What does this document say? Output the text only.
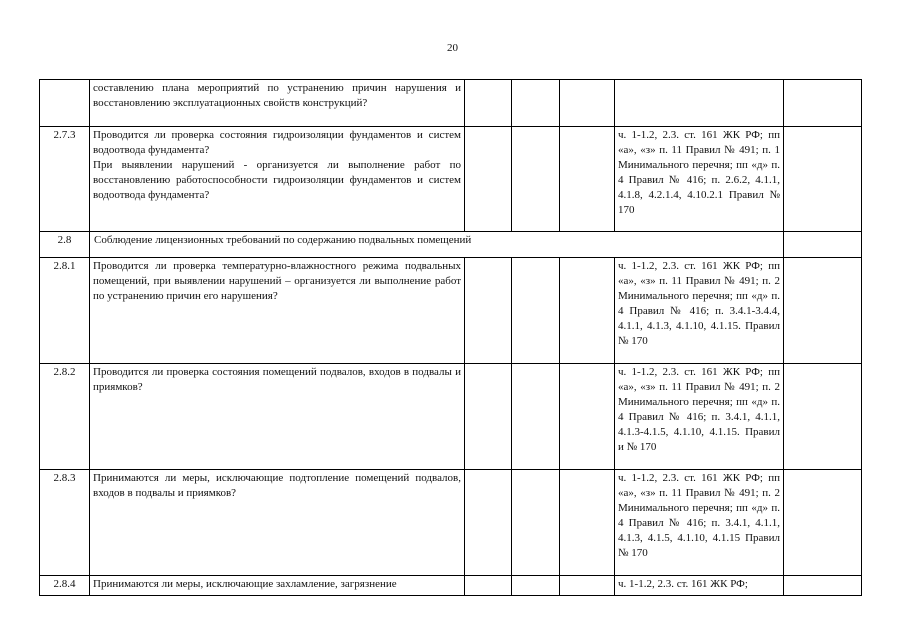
20
	составлению плана мероприятий по устранению причин нарушения и восстановлению эксплуатационных свойств конструкций?					
2.7.3	Проводится ли проверка состояния гидроизоляции фундаментов и систем водоотвода фундамента?
При выявлении нарушений - организуется ли выполнение работ по восстановлению работоспособности гидроизоляции фундаментов и систем водоотвода фундамента?				ч. 1-1.2, 2.3. ст. 161 ЖК РФ; пп «а», «з» п. 11 Правил № 491; п. 1 Минимального перечня; пп «д» п. 4 Правил № 416; п. 2.6.2, 4.1.1, 4.1.8, 4.2.1.4, 4.10.2.1 Правил № 170	
2.8	Соблюдение лицензионных требований по содержанию подвальных помещений					
2.8.1	Проводится ли проверка температурно-влажностного режима подвальных помещений, при выявлении нарушений – организуется ли выполнение работ по устранению причин его нарушения?				ч. 1-1.2, 2.3. ст. 161 ЖК РФ; пп «а», «з» п. 11 Правил № 491; п. 2 Минимального перечня; пп «д» п. 4 Правил № 416; п. 3.4.1-3.4.4, 4.1.1, 4.1.3, 4.1.10, 4.1.15. Правил № 170	
2.8.2	Проводится ли проверка состояния помещений подвалов, входов в подвалы и приямков?				ч. 1-1.2, 2.3. ст. 161 ЖК РФ; пп «а», «з» п. 11 Правил № 491; п. 2 Минимального перечня; пп «д» п. 4 Правил № 416; п. 3.4.1, 4.1.1, 4.1.3-4.1.5, 4.1.10, 4.1.15. Правил и № 170	
2.8.3	Принимаются ли меры, исключающие подтопление помещений подвалов, входов в подвалы и приямков?				ч. 1-1.2, 2.3. ст. 161 ЖК РФ; пп «а», «з» п. 11 Правил № 491; п. 2 Минимального перечня; пп «д» п. 4 Правил № 416; п. 3.4.1, 4.1.1, 4.1.3, 4.1.5, 4.1.10, 4.1.15 Правил № 170	
2.8.4	Принимаются ли меры, исключающие захламление, загрязнение				ч. 1-1.2, 2.3. ст. 161 ЖК РФ;	
